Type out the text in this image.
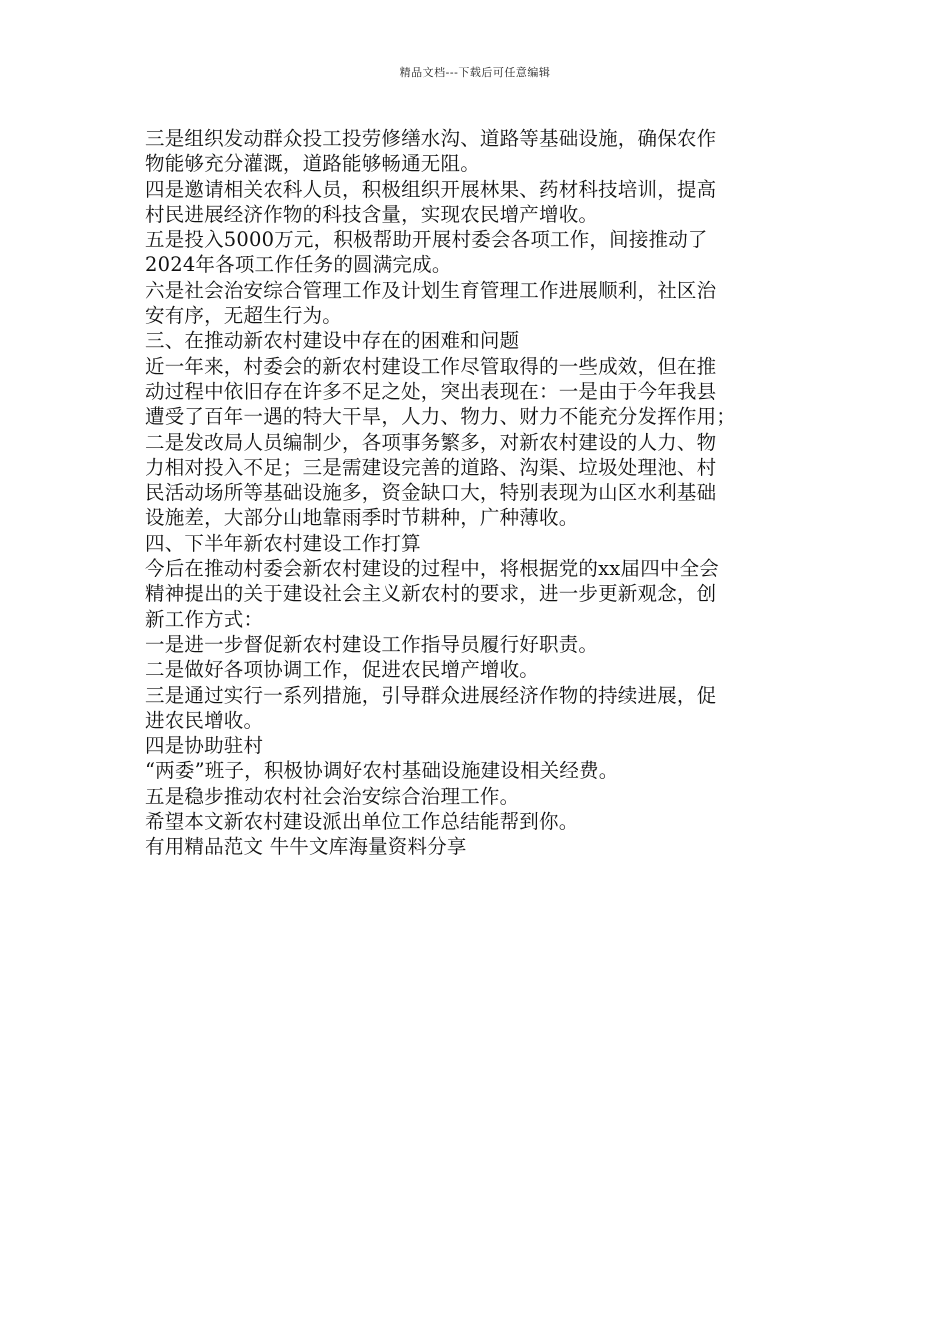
精品文档---下载后可任意编辑
三是组织发动群众投工投劳修缮水沟、道路等基础设施，确保农作
物能够充分灌溉，道路能够畅通无阻。
四是邀请相关农科人员，积极组织开展林果、药材科技培训，提高
村民进展经济作物的科技含量，实现农民增产增收。
五是投入5000万元，积极帮助开展村委会各项工作，间接推动了
2024年各项工作任务的圆满完成。
六是社会治安综合管理工作及计划生育管理工作进展顺利，社区治
安有序，无超生行为。
三、在推动新农村建设中存在的困难和问题
近一年来，村委会的新农村建设工作尽管取得的一些成效，但在推
动过程中依旧存在许多不足之处，突出表现在：一是由于今年我县
遭受了百年一遇的特大干旱，人力、物力、财力不能充分发挥作用；
二是发改局人员编制少，各项事务繁多，对新农村建设的人力、物
力相对投入不足；三是需建设完善的道路、沟渠、垃圾处理池、村
民活动场所等基础设施多，资金缺口大，特别表现为山区水利基础
设施差，大部分山地靠雨季时节耕种，广种薄收。
四、下半年新农村建设工作打算
今后在推动村委会新农村建设的过程中，将根据党的xx届四中全会
精神提出的关于建设社会主义新农村的要求，进一步更新观念，创
新工作方式：
一是进一步督促新农村建设工作指导员履行好职责。
二是做好各项协调工作，促进农民增产增收。
三是通过实行一系列措施，引导群众进展经济作物的持续进展，促
进农民增收。
四是协助驻村
“两委”班子，积极协调好农村基础设施建设相关经费。
五是稳步推动农村社会治安综合治理工作。
希望本文新农村建设派出单位工作总结能帮到你。
有用精品范文 牛牛文库海量资料分享
